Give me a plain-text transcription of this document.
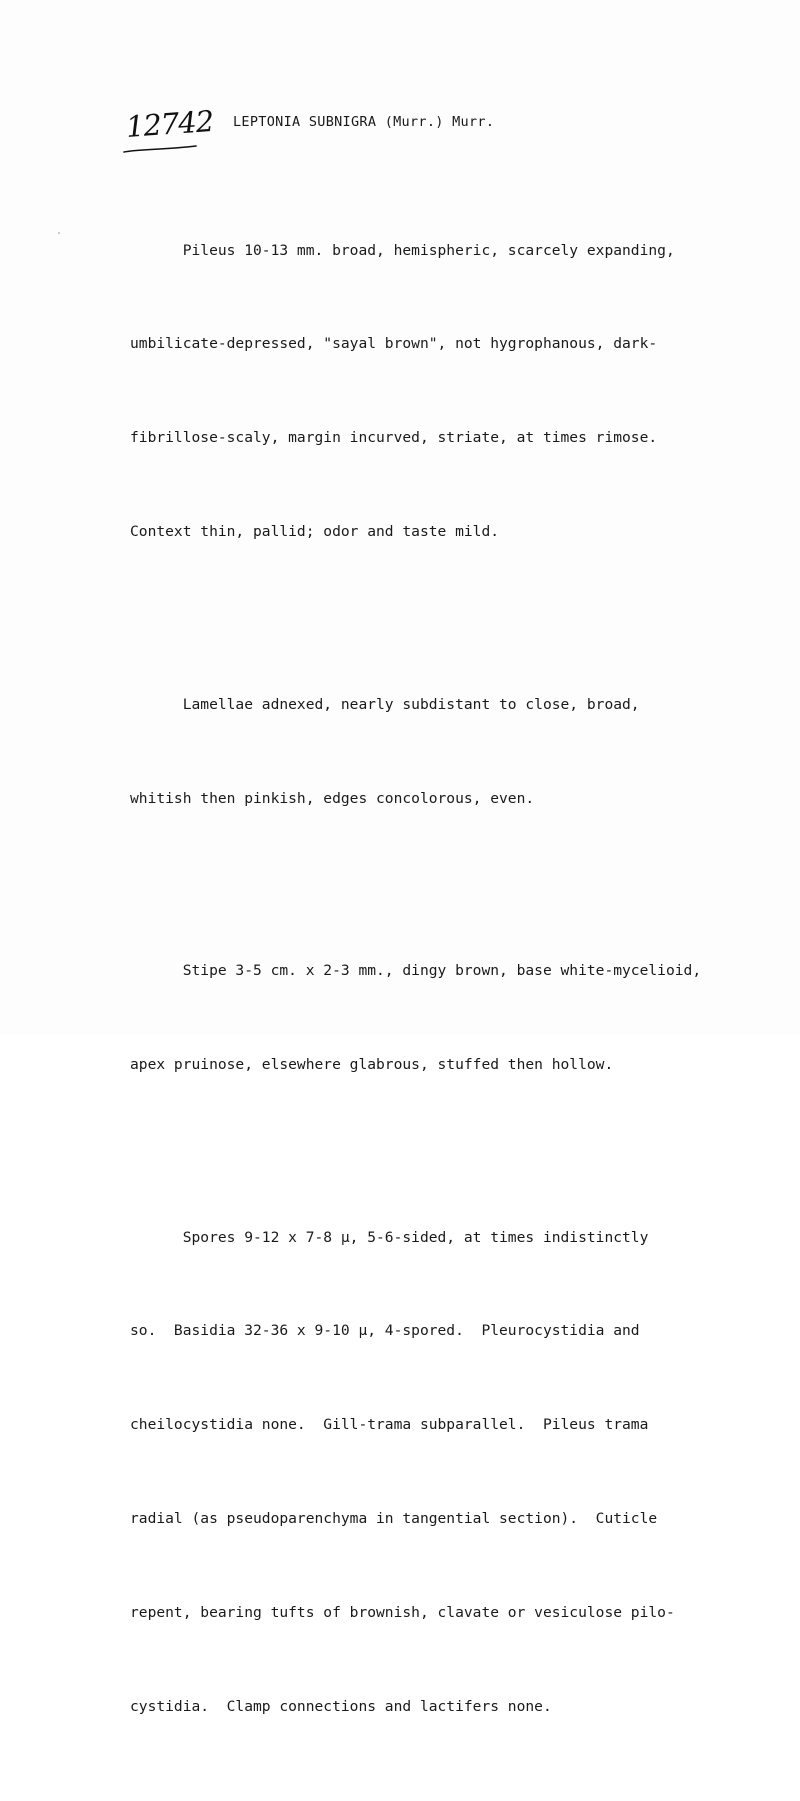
12742 LEPTONIA SUBNIGRA (Murr.) Murr.

Pileus 10-13 mm. broad, hemispheric, scarcely expanding,

umbilicate-depressed, "sayal brown", not hygrophanous, dark-

fibrillose-scaly, margin incurved, striate, at times rimose.

Context thin, pallid; odor and taste mild.

Lamellae adnexed, nearly subdistant to close, broad,

whitish then pinkish, edges concolorous, even.

Stipe 3-5 cm. x 2-3 mm., dingy brown, base white-mycelioid,

apex pruinose, elsewhere glabrous, stuffed then hollow.

Spores 9-12 x 7-8 µ, 5-6-sided, at times indistinctly

so.  Basidia 32-36 x 9-10 µ, 4-spored.  Pleurocystidia and

cheilocystidia none.  Gill-trama subparallel.  Pileus trama

radial (as pseudoparenchyma in tangential section).  Cuticle

repent, bearing tufts of brownish, clavate or vesiculose pilo-

cystidia.  Clamp connections and lactifers none.
